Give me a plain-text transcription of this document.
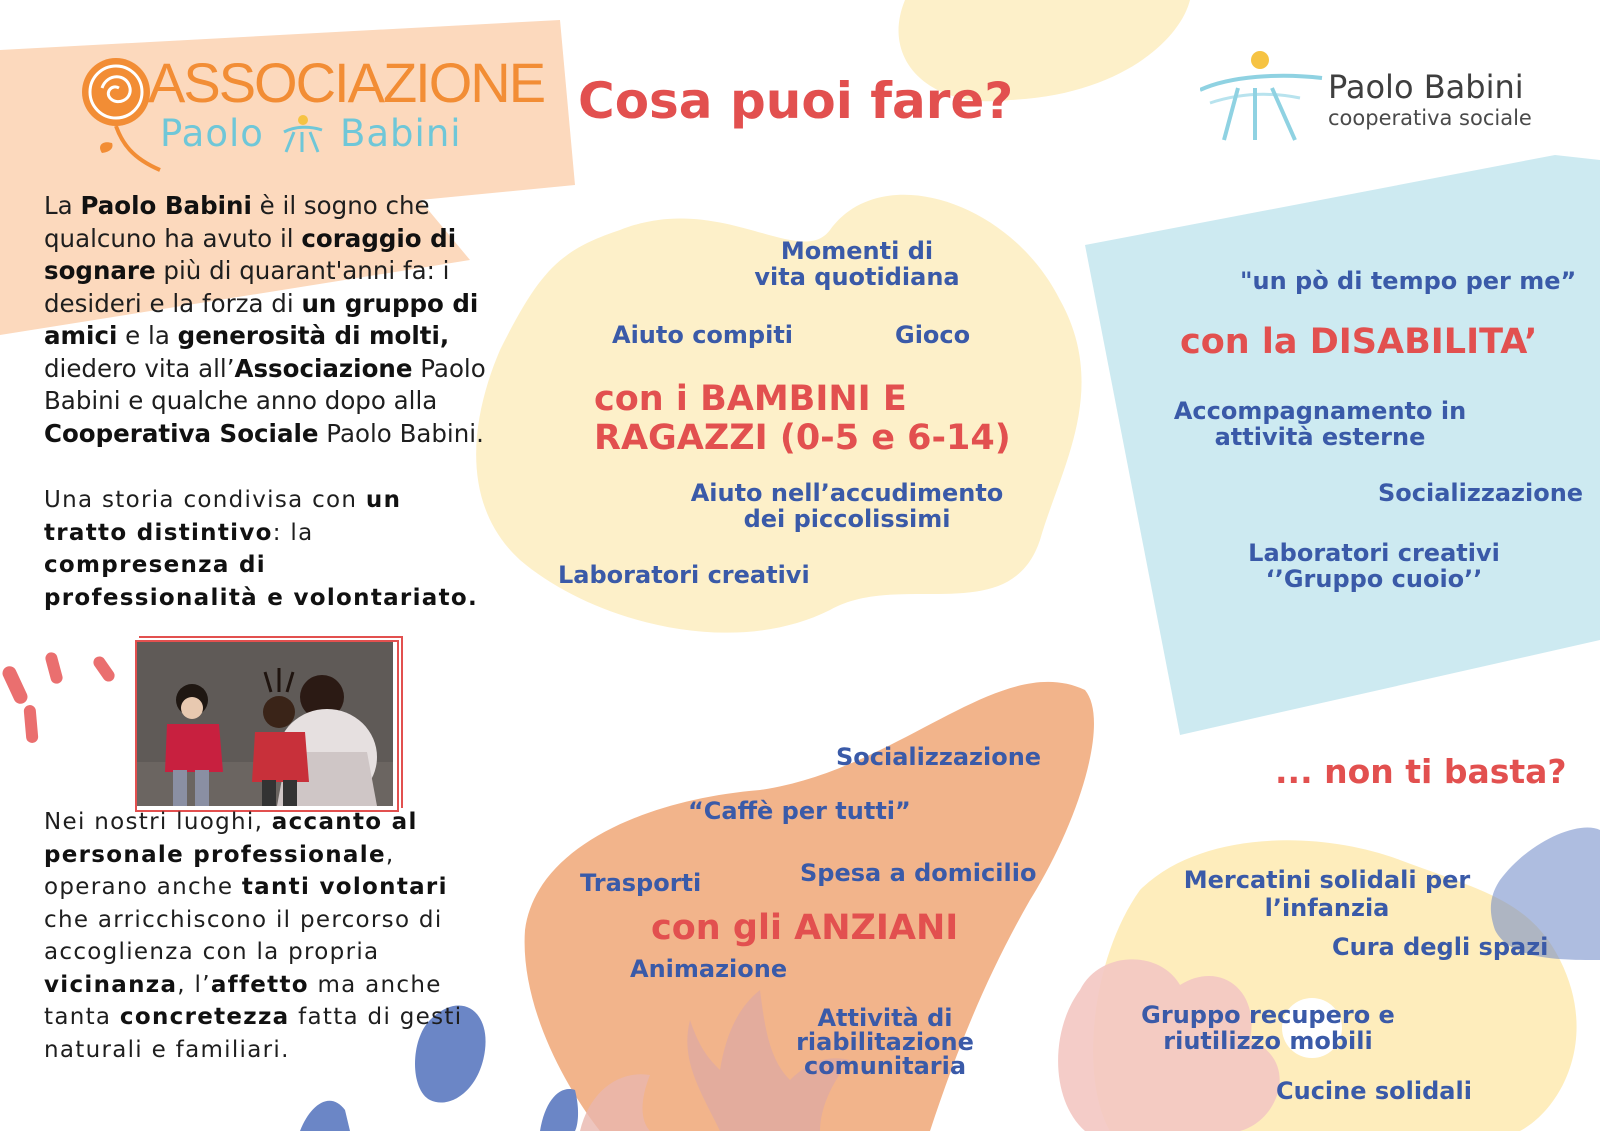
ASSOCIAZIONE
Paolo Babini
Cosa puoi fare?	Paolo Babini
cooperativa sociale
La Paolo Babini è il sogno che qualcuno ha avuto il coraggio di sognare più di quarant'anni fa: i desideri e la forza di un gruppo di amici e la generosità di molti, diedero vita all’Associazione Paolo Babini e qualche anno dopo alla Cooperativa Sociale Paolo Babini.
Una storia condivisa con un tratto distintivo: la compresenza di professionalità e volontariato.
Nei nostri luoghi, accanto al personale professionale, operano anche tanti volontari che arricchiscono il percorso di accoglienza con la propria vicinanza, l’affetto ma anche tanta concretezza fatta di gesti naturali e familiari.
Momenti di vita quotidiana
Aiuto compiti	Gioco
con i BAMBINI E RAGAZZI (0-5 e 6-14)
Aiuto nell’accudimento dei piccolissimi
Laboratori creativi
"un pò di tempo per me”
con la DISABILITA’
Accompagnamento in attività esterne
Socializzazione
Laboratori creativi ‘’Gruppo cuoio’’
Socializzazione
“Caffè per tutti”
Trasporti	Spesa a domicilio
con gli ANZIANI
Animazione
Attività di riabilitazione comunitaria
... non ti basta?
Mercatini solidali per l’infanzia
Cura degli spazi
Gruppo recupero e riutilizzo mobili
Cucine solidali
